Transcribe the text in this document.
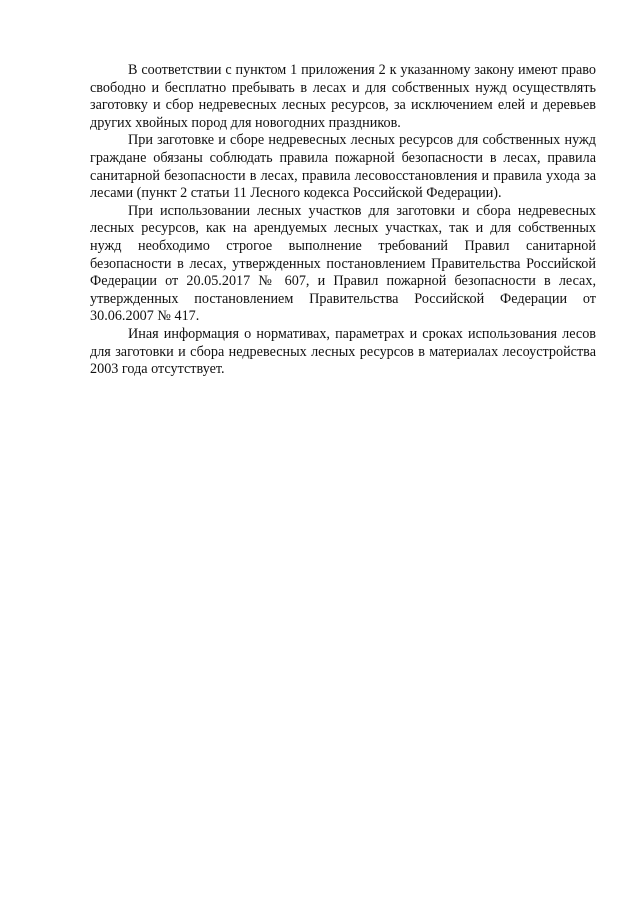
В соответствии с пунктом 1 приложения 2 к указанному закону имеют право свободно и бесплатно пребывать в лесах и для собственных нужд осуществлять заготовку и сбор недревесных лесных ресурсов, за исключением елей и деревьев других хвойных пород для новогодних праздников.

При заготовке и сборе недревесных лесных ресурсов для собственных нужд граждане обязаны соблюдать правила пожарной безопасности в лесах, правила санитарной безопасности в лесах, правила лесовосстановления и правила ухода за лесами (пункт 2 статьи 11 Лесного кодекса Российской Федерации).

При использовании лесных участков для заготовки и сбора недревесных лесных ресурсов, как на арендуемых лесных участках, так и для собственных нужд необходимо строгое выполнение требований Правил санитарной безопасности в лесах, утвержденных постановлением Правительства Российской Федерации от 20.05.2017 № 607, и Правил пожарной безопасности в лесах, утвержденных постановлением Правительства Российской Федерации от 30.06.2007 № 417.

Иная информация о нормативах, параметрах и сроках использования лесов для заготовки и сбора недревесных лесных ресурсов в материалах лесоустройства 2003 года отсутствует.
